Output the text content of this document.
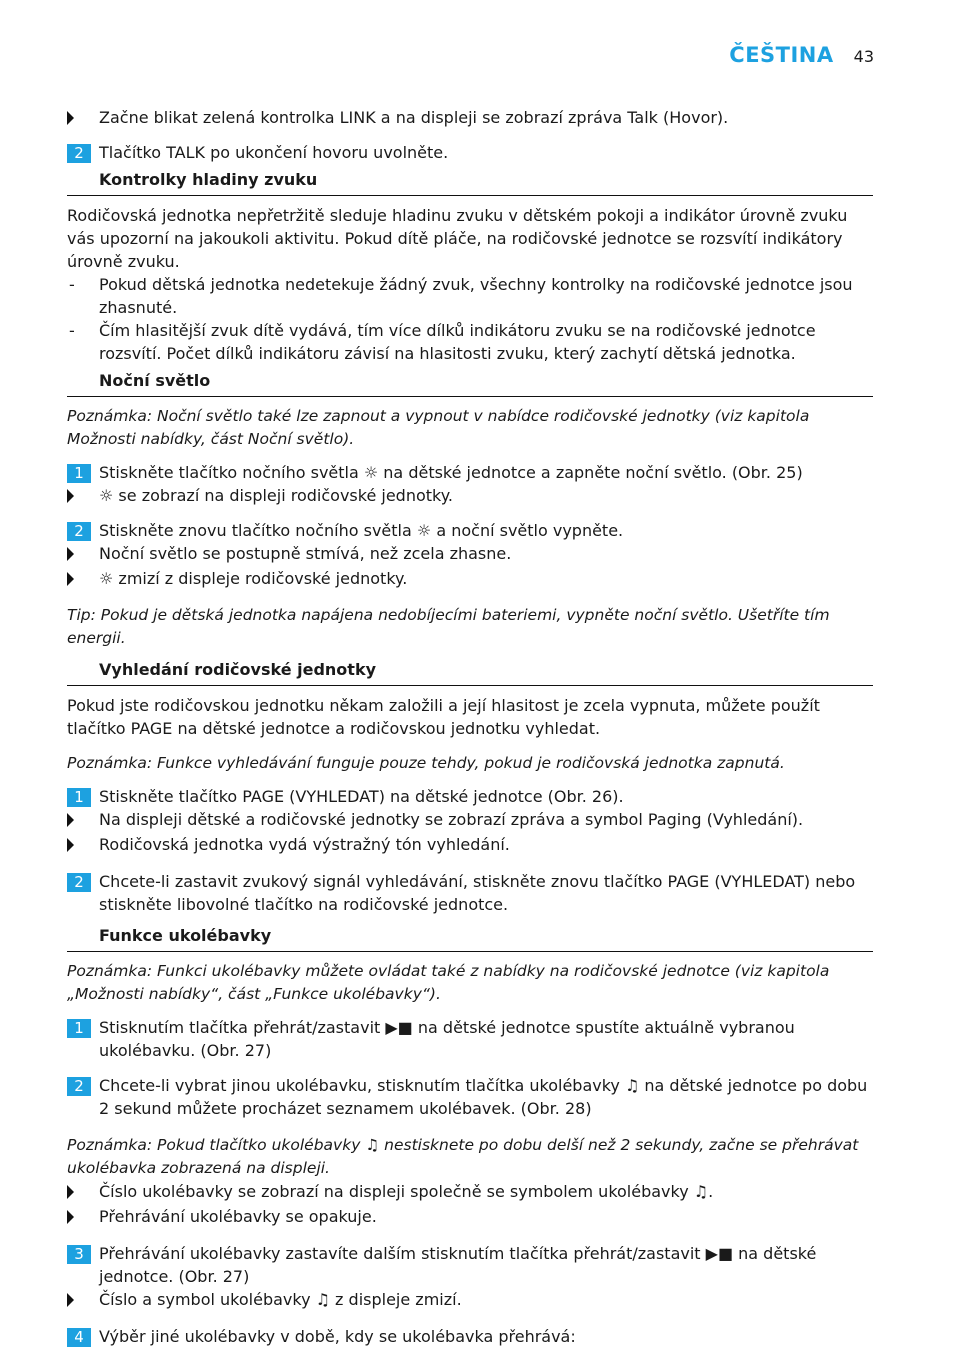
ČEŠTINA 43
Začne blikat zelená kontrolka LINK a na displeji se zobrazí zpráva Talk (Hovor).
2 Tlačítko TALK po ukončení hovoru uvolněte.
Kontrolky hladiny zvuku
Rodičovská jednotka nepřetržitě sleduje hladinu zvuku v dětském pokoji a indikátor úrovně zvuku vás upozorní na jakoukoli aktivitu. Pokud dítě pláče, na rodičovské jednotce se rozsvítí indikátory úrovně zvuku.
-	Pokud dětská jednotka nedetekuje žádný zvuk, všechny kontrolky na rodičovské jednotce jsou zhasnuté.
-	Čím hlasitější zvuk dítě vydává, tím více dílků indikátoru zvuku se na rodičovské jednotce rozsvítí. Počet dílků indikátoru závisí na hlasitosti zvuku, který zachytí dětská jednotka.
Noční světlo
Poznámka: Noční světlo také lze zapnout a vypnout v nabídce rodičovské jednotky (viz kapitola Možnosti nabídky, část Noční světlo).
1 Stiskněte tlačítko nočního světla ☼ na dětské jednotce a zapněte noční světlo. (Obr. 25)
☼ se zobrazí na displeji rodičovské jednotky.
2 Stiskněte znovu tlačítko nočního světla ☼ a noční světlo vypněte.
Noční světlo se postupně stmívá, než zcela zhasne.
☼ zmizí z displeje rodičovské jednotky.
Tip: Pokud je dětská jednotka napájena nedobíjecími bateriemi, vypněte noční světlo. Ušetříte tím energii.
Vyhledání rodičovské jednotky
Pokud jste rodičovskou jednotku někam založili a její hlasitost je zcela vypnuta, můžete použít tlačítko PAGE na dětské jednotce a rodičovskou jednotku vyhledat.
Poznámka: Funkce vyhledávání funguje pouze tehdy, pokud je rodičovská jednotka zapnutá.
1 Stiskněte tlačítko PAGE (VYHLEDAT) na dětské jednotce (Obr. 26).
Na displeji dětské a rodičovské jednotky se zobrazí zpráva a symbol Paging (Vyhledání).
Rodičovská jednotka vydá výstražný tón vyhledání.
2 Chcete-li zastavit zvukový signál vyhledávání, stiskněte znovu tlačítko PAGE (VYHLEDAT) nebo stiskněte libovolné tlačítko na rodičovské jednotce.
Funkce ukolébavky
Poznámka: Funkci ukolébavky můžete ovládat také z nabídky na rodičovské jednotce (viz kapitola „Možnosti nabídky“, část „Funkce ukolébavky“).
1 Stisknutím tlačítka přehrát/zastavit ▶■ na dětské jednotce spustíte aktuálně vybranou ukolébavku. (Obr. 27)
2 Chcete-li vybrat jinou ukolébavku, stisknutím tlačítka ukolébavky ♫ na dětské jednotce po dobu 2 sekund můžete procházet seznamem ukolébavek. (Obr. 28)
Poznámka: Pokud tlačítko ukolébavky ♫ nestisknete po dobu delší než 2 sekundy, začne se přehrávat ukolébavka zobrazená na displeji.
Číslo ukolébavky se zobrazí na displeji společně se symbolem ukolébavky ♫.
Přehrávání ukolébavky se opakuje.
3 Přehrávání ukolébavky zastavíte dalším stisknutím tlačítka přehrát/zastavit ▶■ na dětské jednotce. (Obr. 27)
Číslo a symbol ukolébavky ♫ z displeje zmizí.
4 Výběr jiné ukolébavky v době, kdy se ukolébavka přehrává:
